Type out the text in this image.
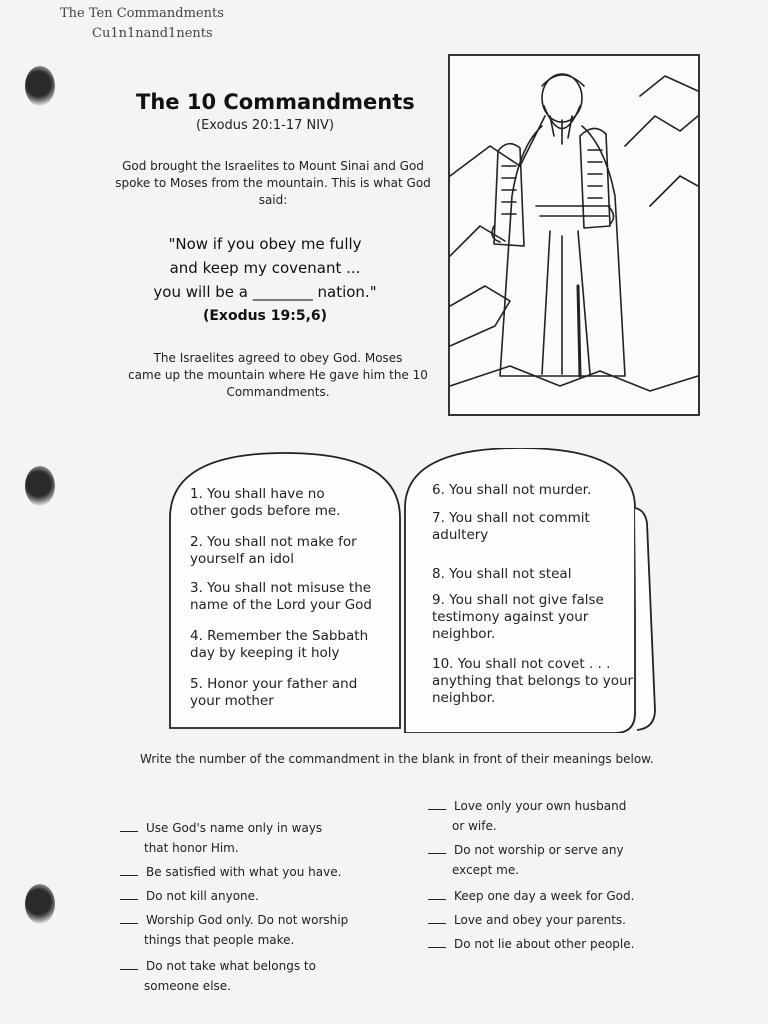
The Ten Commandments
Cu1n1nand1nents
The 10 Commandments
(Exodus 20:1-17 NIV)
God brought the Israelites to Mount Sinai and God
spoke to Moses from the mountain. This is what God
said:
"Now if you obey me fully
and keep my covenant ...
you will be a ________ nation."
(Exodus 19:5,6)
The Israelites agreed to obey God. Moses
came up the mountain where He gave him the 10
Commandments.
1. You shall have no
other gods before me.
2. You shall not make for
yourself an idol
3. You shall not misuse the
name of the Lord your God
4. Remember the Sabbath
day by keeping it holy
5. Honor your father and
your mother
6. You shall not murder.
7. You shall not commit
adultery
8. You shall not steal
9. You shall not give false
testimony against your neighbor.
10. You shall not covet . . .
anything that belongs to your neighbor.
Write the number of the commandment in the blank in front of their meanings below.
Use God's name only in ways
that honor Him.
Be satisfied with what you have.
Do not kill anyone.
Worship God only. Do not worship
things that people make.
Do not take what belongs to
someone else.
Love only your own husband
or wife.
Do not worship or serve any
except me.
Keep one day a week for God.
Love and obey your parents.
Do not lie about other people.
